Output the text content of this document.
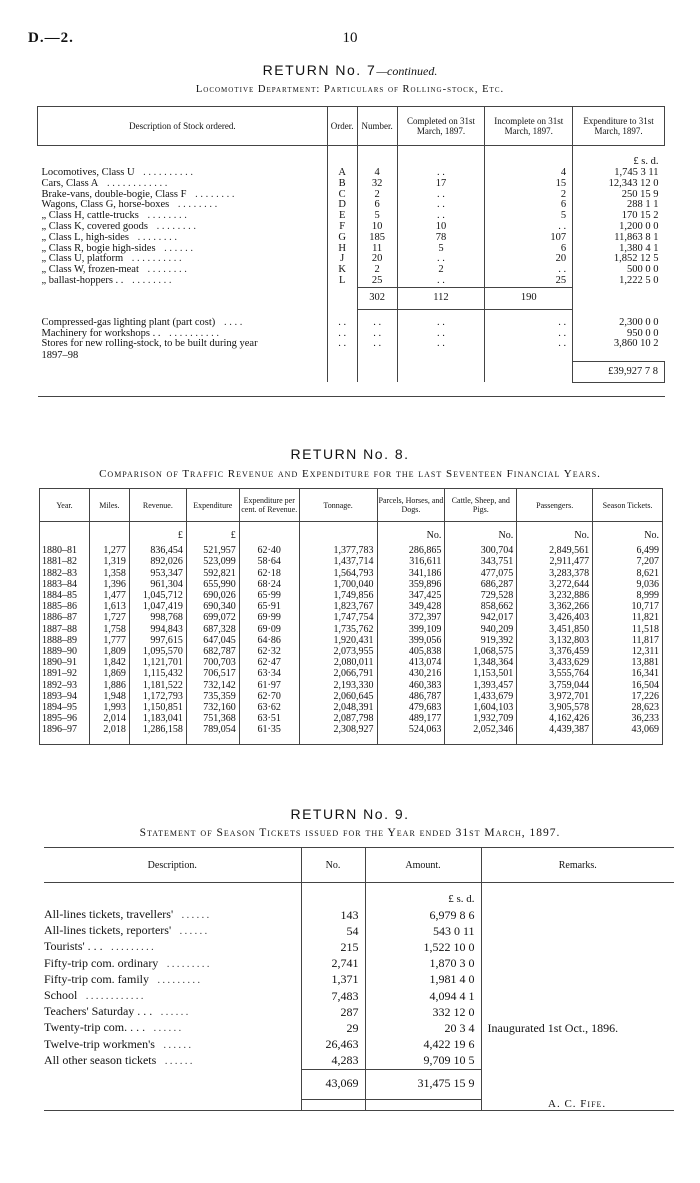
D.—2.	10
RETURN No. 7—continued.
Locomotive Department: Particulars of Rolling-stock, Etc.
Description of Stock ordered.	Order.	Number.	Completed on 31st March, 1897.	Incomplete on 31st March, 1897.	Expenditure to 31st March, 1897.
					£ s. d.
Locomotives, Class U . . . . . . . . . .	A	4	. .	4	1,745 3 11
Cars, Class A . . . . . . . . . . . .	B	32	17	15	12,343 12 0
Brake-vans, double-bogie, Class F . . . . . . . .	C	2	. .	2	250 15 9
Wagons, Class G, horse-boxes . . . . . . . .	D	6	. .	6	288 1 1
„ Class H, cattle-trucks . . . . . . . .	E	5	. .	5	170 15 2
„ Class K, covered goods . . . . . . . .	F	10	10	. .	1,200 0 0
„ Class L, high-sides . . . . . . . .	G	185	78	107	11,863 8 1
„ Class R, bogie high-sides . . . . . .	H	11	5	6	1,380 4 1
„ Class U, platform . . . . . . . . . .	J	20	. .	20	1,852 12 5
„ Class W, frozen-meat . . . . . . . .	K	2	2	. .	500 0 0
„ ballast-hoppers . . . . . . . . . .	L	25	. .	25	1,222 5 0
		302	112	190	

Compressed-gas lighting plant (part cost) . . . .	. .	. .	. .	. .	2,300 0 0
Machinery for workshops . . . . . . . . . . . .	. .	. .	. .	. .	950 0 0
Stores for new rolling-stock, to be built during year	. .	. .	. .	. .	3,860 10 2
1897–98					
					£39,927 7 8

RETURN No. 8.
Comparison of Traffic Revenue and Expenditure for the last Seventeen Financial Years.
Year.	Miles.	Revenue.	Expenditure	Expenditure per cent. of Revenue.	Tonnage.	Parcels, Horses, and Dogs.	Cattle, Sheep, and Pigs.	Passengers.	Season Tickets.

		£	£			No.	No.	No.	No.

1880–81	1,277	836,454	521,957	62·40	1,377,783	286,865	300,704	2,849,561	6,499
1881–82	1,319	892,026	523,099	58·64	1,437,714	316,611	343,751	2,911,477	7,207
1882–83	1,358	953,347	592,821	62·18	1,564,793	341,186	477,075	3,283,378	8,621
1883–84	1,396	961,304	655,990	68·24	1,700,040	359,896	686,287	3,272,644	9,036
1884–85	1,477	1,045,712	690,026	65·99	1,749,856	347,425	729,528	3,232,886	8,999
1885–86	1,613	1,047,419	690,340	65·91	1,823,767	349,428	858,662	3,362,266	10,717
1886–87	1,727	998,768	699,072	69·99	1,747,754	372,397	942,017	3,426,403	11,821
1887–88	1,758	994,843	687,328	69·09	1,735,762	399,109	940,209	3,451,850	11,518
1888–89	1,777	997,615	647,045	64·86	1,920,431	399,056	919,392	3,132,803	11,817
1889–90	1,809	1,095,570	682,787	62·32	2,073,955	405,838	1,068,575	3,376,459	12,311
1890–91	1,842	1,121,701	700,703	62·47	2,080,011	413,074	1,348,364	3,433,629	13,881
1891–92	1,869	1,115,432	706,517	63·34	2,066,791	430,216	1,153,501	3,555,764	16,341
1892–93	1,886	1,181,522	732,142	61·97	2,193,330	460,383	1,393,457	3,759,044	16,504
1893–94	1,948	1,172,793	735,359	62·70	2,060,645	486,787	1,433,679	3,972,701	17,226
1894–95	1,993	1,150,851	732,160	63·62	2,048,391	479,683	1,604,103	3,905,578	28,623
1895–96	2,014	1,183,041	751,368	63·51	2,087,798	489,177	1,932,709	4,162,426	36,233
1896–97	2,018	1,286,158	789,054	61·35	2,308,927	524,063	2,052,346	4,439,387	43,069

RETURN No. 9.
Statement of Season Tickets issued for the Year ended 31st March, 1897.
Description.	No.	Amount.	Remarks.
		£ s. d.	
All-lines tickets, travellers' . . . . . .	143	6,979 8 6	
All-lines tickets, reporters' . . . . . .	54	543 0 11	
Tourists' . . . . . . . . . . . .	215	1,522 10 0	
Fifty-trip com. ordinary . . . . . . . . .	2,741	1,870 3 0	
Fifty-trip com. family . . . . . . . . .	1,371	1,981 4 0	
School . . . . . . . . . . . .	7,483	4,094 4 1	
Teachers' Saturday . . . . . . . . .	287	332 12 0	
Twenty-trip com. . . . . . . . . .	29	20 3 4	Inaugurated 1st Oct., 1896.
Twelve-trip workmen's . . . . . .	26,463	4,422 19 6	
All other season tickets . . . . . .	4,283	9,709 10 5	
	43,069	31,475 15 9	

A. C. Fife.
